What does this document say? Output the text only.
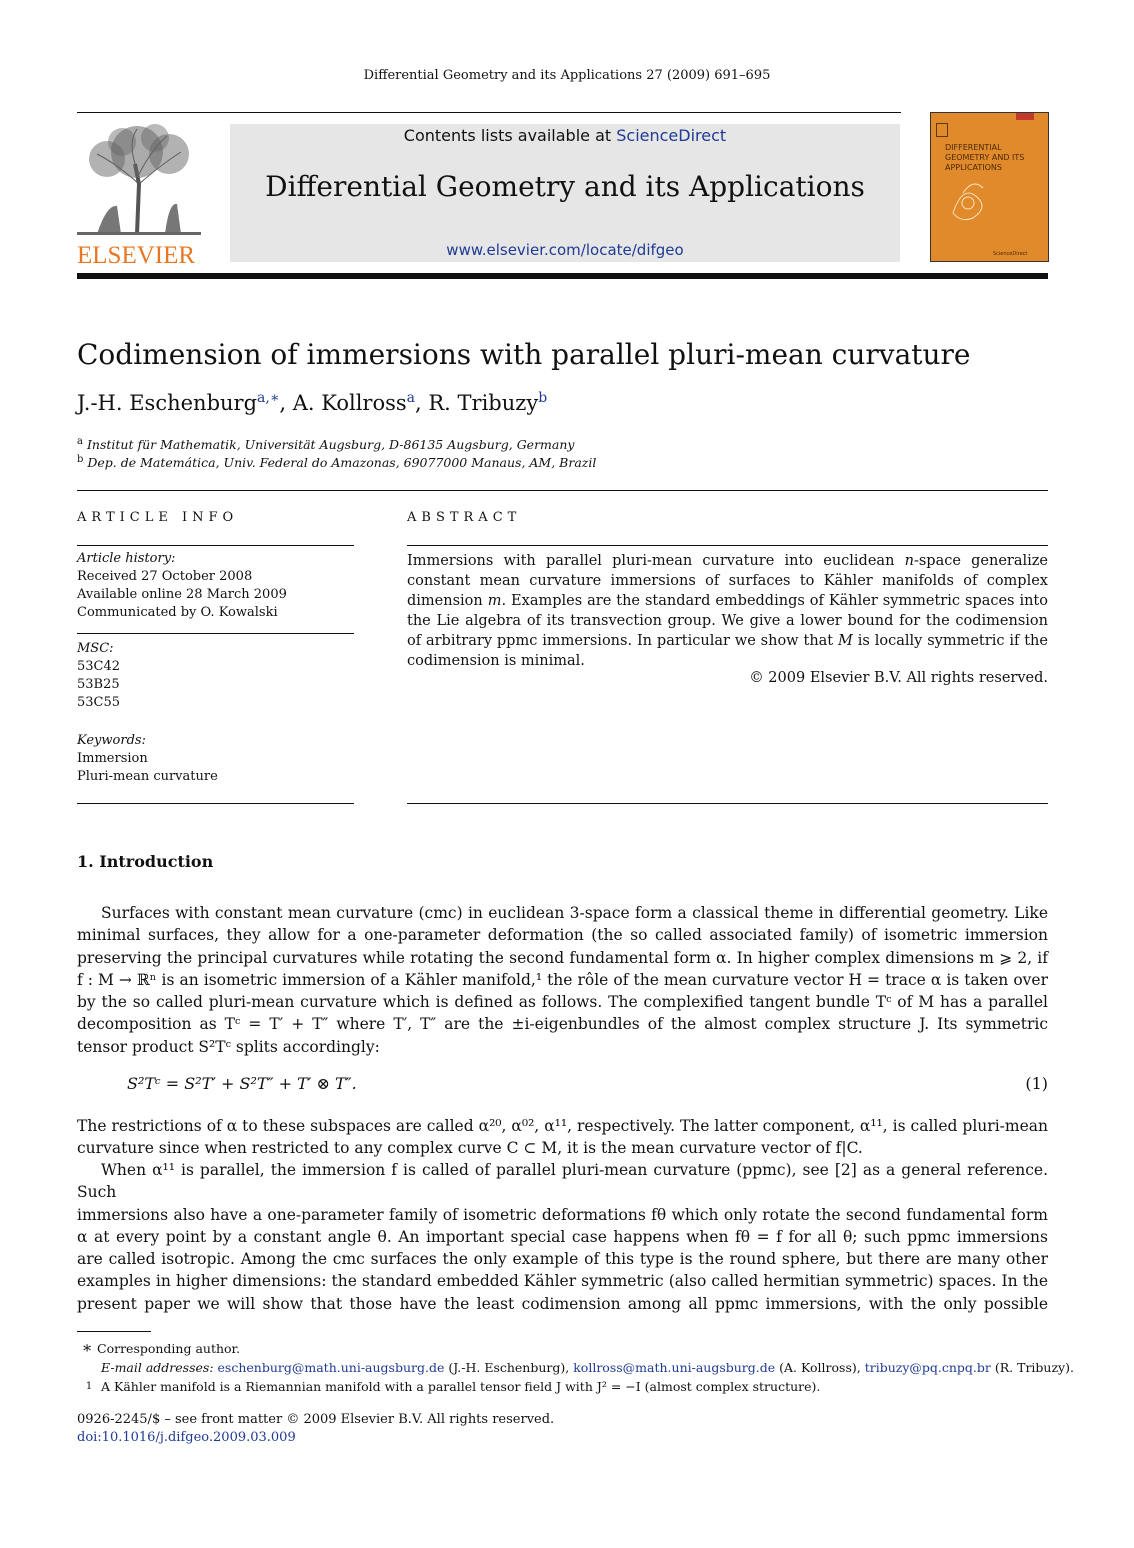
Differential Geometry and its Applications 27 (2009) 691–695
ELSEVIER
Contents lists available at ScienceDirect
Differential Geometry and its Applications
www.elsevier.com/locate/difgeo
DIFFERENTIAL GEOMETRY AND ITS APPLICATIONS
ScienceDirect
Codimension of immersions with parallel pluri-mean curvature
J.-H. Eschenburg$^{a,∗}$, A. Kollross$^a$, R. Tribuzy$^b$
$^a$ Institut für Mathematik, Universität Augsburg, D-86135 Augsburg, Germany
$^b$ Dep. de Matemática, Univ. Federal do Amazonas, 69077000 Manaus, AM, Brazil
ARTICLE INFO
Article history:
Received 27 October 2008
Available online 28 March 2009
Communicated by O. Kowalski
MSC:
53C42
53B25
53C55
Keywords:
Immersion
Pluri-mean curvature
ABSTRACT
Immersions with parallel pluri-mean curvature into euclidean n-space generalize constant mean curvature immersions of surfaces to Kähler manifolds of complex dimension m. Examples are the standard embeddings of Kähler symmetric spaces into the Lie algebra of its transvection group. We give a lower bound for the codimension of arbitrary ppmc immersions. In particular we show that M is locally symmetric if the codimension is minimal.
© 2009 Elsevier B.V. All rights reserved.
1. Introduction
Surfaces with constant mean curvature (cmc) in euclidean 3-space form a classical theme in differential geometry. Like
minimal surfaces, they allow for a one-parameter deformation (the so called associated family) of isometric immersion
preserving the principal curvatures while rotating the second fundamental form α. In higher complex dimensions m ⩾ 2, if
f : M → ℝⁿ is an isometric immersion of a Kähler manifold,¹ the rôle of the mean curvature vector H = trace α is taken over
by the so called pluri-mean curvature which is defined as follows. The complexified tangent bundle Tᶜ of M has a parallel
decomposition as Tᶜ = T′ + T″ where T′, T″ are the ±i-eigenbundles of the almost complex structure J. Its symmetric
tensor product S²Tᶜ splits accordingly:
S²Tᶜ = S²T′ + S²T″ + T′ ⊗ T″.	(1)
The restrictions of α to these subspaces are called α²⁰, α⁰², α¹¹, respectively. The latter component, α¹¹, is called pluri-mean
curvature since when restricted to any complex curve C ⊂ M, it is the mean curvature vector of f|C.
When α¹¹ is parallel, the immersion f is called of parallel pluri-mean curvature (ppmc), see [2] as a general reference. Such
immersions also have a one-parameter family of isometric deformations fθ which only rotate the second fundamental form
α at every point by a constant angle θ. An important special case happens when fθ = f for all θ; such ppmc immersions
are called isotropic. Among the cmc surfaces the only example of this type is the round sphere, but there are many other
examples in higher dimensions: the standard embedded Kähler symmetric (also called hermitian symmetric) spaces. In the
present paper we will show that those have the least codimension among all ppmc immersions, with the only possible
∗ Corresponding author.
E-mail addresses: eschenburg@math.uni-augsburg.de (J.-H. Eschenburg), kollross@math.uni-augsburg.de (A. Kollross), tribuzy@pq.cnpq.br (R. Tribuzy).
1 A Kähler manifold is a Riemannian manifold with a parallel tensor field J with J² = −I (almost complex structure).
0926-2245/$ – see front matter © 2009 Elsevier B.V. All rights reserved.
doi:10.1016/j.difgeo.2009.03.009
